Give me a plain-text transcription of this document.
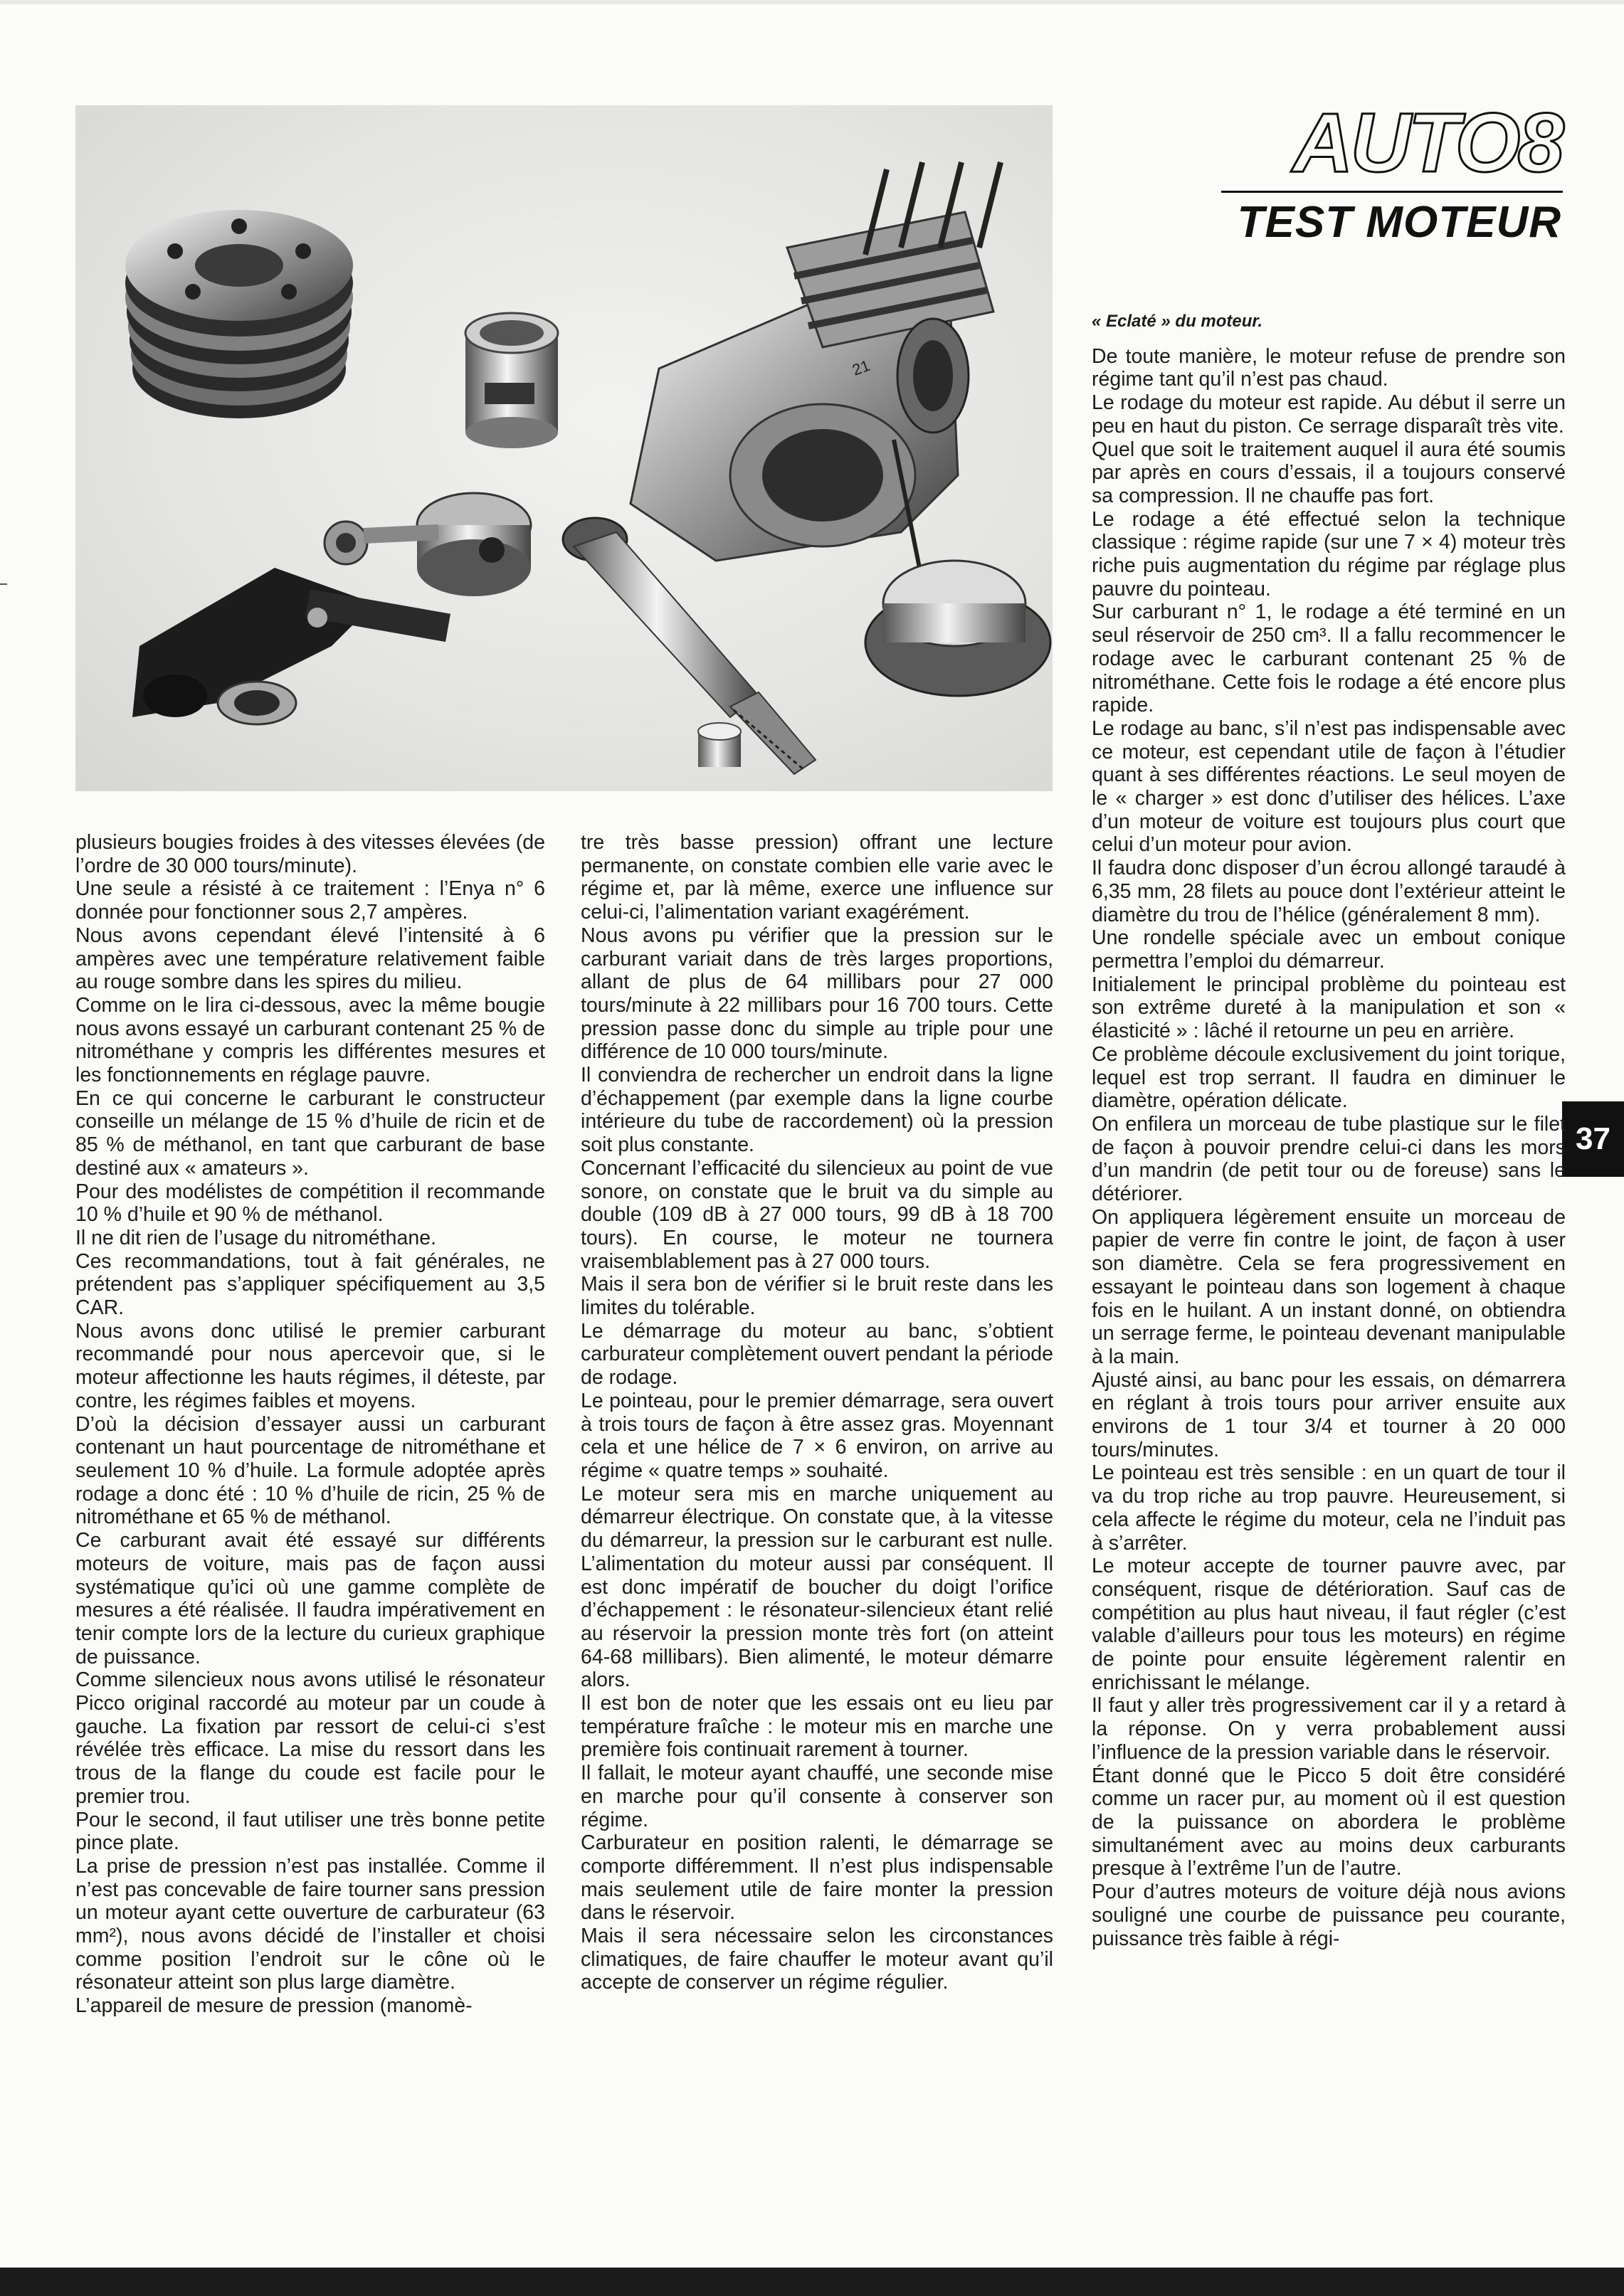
21
AUTO8
TEST MOTEUR
37

plusieurs bougies froides à des vitesses élevées (de l’ordre de 30 000 tours/minute).

Une seule a résisté à ce traitement : l’Enya n° 6 donnée pour fonctionner sous 2,7 ampères.

Nous avons cependant élevé l’intensité à 6 ampères avec une température relativement faible au rouge sombre dans les spires du milieu.

Comme on le lira ci-dessous, avec la même bougie nous avons essayé un carburant contenant 25 % de nitrométhane y compris les différentes mesures et les fonctionnements en réglage pauvre.

En ce qui concerne le carburant le constructeur conseille un mélange de 15 % d’huile de ricin et de 85 % de méthanol, en tant que carburant de base destiné aux « amateurs ».

Pour des modélistes de compétition il recommande 10 % d’huile et 90 % de méthanol.

Il ne dit rien de l’usage du nitrométhane.

Ces recommandations, tout à fait générales, ne prétendent pas s’appliquer spécifiquement au 3,5 CAR.

Nous avons donc utilisé le premier carburant recommandé pour nous apercevoir que, si le moteur affectionne les hauts régimes, il déteste, par contre, les régimes faibles et moyens.

D’où la décision d’essayer aussi un carburant contenant un haut pourcentage de nitrométhane et seulement 10 % d’huile. La formule adoptée après rodage a donc été : 10 % d’huile de ricin, 25 % de nitrométhane et 65 % de méthanol.

Ce carburant avait été essayé sur différents moteurs de voiture, mais pas de façon aussi systématique qu’ici où une gamme complète de mesures a été réalisée. Il faudra impérativement en tenir compte lors de la lecture du curieux graphique de puissance.

Comme silencieux nous avons utilisé le résonateur Picco original raccordé au moteur par un coude à gauche. La fixation par ressort de celui-ci s’est révélée très efficace. La mise du ressort dans les trous de la flange du coude est facile pour le premier trou.

Pour le second, il faut utiliser une très bonne petite pince plate.

La prise de pression n’est pas installée. Comme il n’est pas concevable de faire tourner sans pression un moteur ayant cette ouverture de carburateur (63 mm²), nous avons décidé de l’installer et choisi comme position l’endroit sur le cône où le résonateur atteint son plus large diamètre.

L’appareil de mesure de pression (manomè-

tre très basse pression) offrant une lecture permanente, on constate combien elle varie avec le régime et, par là même, exerce une influence sur celui-ci, l’alimentation variant exagérément.

Nous avons pu vérifier que la pression sur le carburant variait dans de très larges proportions, allant de plus de 64 millibars pour 27 000 tours/minute à 22 millibars pour 16 700 tours. Cette pression passe donc du simple au triple pour une différence de 10 000 tours/minute.

Il conviendra de rechercher un endroit dans la ligne d’échappement (par exemple dans la ligne courbe intérieure du tube de raccordement) où la pression soit plus constante.

Concernant l’efficacité du silencieux au point de vue sonore, on constate que le bruit va du simple au double (109 dB à 27 000 tours, 99 dB à 18 700 tours). En course, le moteur ne tournera vraisemblablement pas à 27 000 tours.

Mais il sera bon de vérifier si le bruit reste dans les limites du tolérable.

Le démarrage du moteur au banc, s’obtient carburateur complètement ouvert pendant la période de rodage.

Le pointeau, pour le premier démarrage, sera ouvert à trois tours de façon à être assez gras. Moyennant cela et une hélice de 7 × 6 environ, on arrive au régime « quatre temps » souhaité.

Le moteur sera mis en marche uniquement au démarreur électrique. On constate que, à la vitesse du démarreur, la pression sur le carburant est nulle. L’alimentation du moteur aussi par conséquent. Il est donc impératif de boucher du doigt l’orifice d’échappement : le résonateur-silencieux étant relié au réservoir la pression monte très fort (on atteint 64-68 millibars). Bien alimenté, le moteur démarre alors.

Il est bon de noter que les essais ont eu lieu par température fraîche : le moteur mis en marche une première fois continuait rarement à tourner.

Il fallait, le moteur ayant chauffé, une seconde mise en marche pour qu’il consente à conserver son régime.

Carburateur en position ralenti, le démarrage se comporte différemment. Il n’est plus indispensable mais seulement utile de faire monter la pression dans le réservoir.

Mais il sera nécessaire selon les circonstances climatiques, de faire chauffer le moteur avant qu’il accepte de conserver un régime régulier.

« Eclaté » du moteur.

De toute manière, le moteur refuse de prendre son régime tant qu’il n’est pas chaud.

Le rodage du moteur est rapide. Au début il serre un peu en haut du piston. Ce serrage disparaît très vite.

Quel que soit le traitement auquel il aura été soumis par après en cours d’essais, il a toujours conservé sa compression. Il ne chauffe pas fort.

Le rodage a été effectué selon la technique classique : régime rapide (sur une 7 × 4) moteur très riche puis augmentation du régime par réglage plus pauvre du pointeau.

Sur carburant n° 1, le rodage a été terminé en un seul réservoir de 250 cm³. Il a fallu recommencer le rodage avec le carburant contenant 25 % de nitrométhane. Cette fois le rodage a été encore plus rapide.

Le rodage au banc, s’il n’est pas indispensable avec ce moteur, est cependant utile de façon à l’étudier quant à ses différentes réactions. Le seul moyen de le « charger » est donc d’utiliser des hélices. L’axe d’un moteur de voiture est toujours plus court que celui d’un moteur pour avion.

Il faudra donc disposer d’un écrou allongé taraudé à 6,35 mm, 28 filets au pouce dont l’extérieur atteint le diamètre du trou de l’hélice (généralement 8 mm).

Une rondelle spéciale avec un embout conique permettra l’emploi du démarreur.

Initialement le principal problème du pointeau est son extrême dureté à la manipulation et son « élasticité » : lâché il retourne un peu en arrière.

Ce problème découle exclusivement du joint torique, lequel est trop serrant. Il faudra en diminuer le diamètre, opération délicate.

On enfilera un morceau de tube plastique sur le filet de façon à pouvoir prendre celui-ci dans les mors d’un mandrin (de petit tour ou de foreuse) sans le détériorer.

On appliquera légèrement ensuite un morceau de papier de verre fin contre le joint, de façon à user son diamètre. Cela se fera progressivement en essayant le pointeau dans son logement à chaque fois en le huilant. A un instant donné, on obtiendra un serrage ferme, le pointeau devenant manipulable à la main.

Ajusté ainsi, au banc pour les essais, on démarrera en réglant à trois tours pour arriver ensuite aux environs de 1 tour 3/4 et tourner à 20 000 tours/minutes.

Le pointeau est très sensible : en un quart de tour il va du trop riche au trop pauvre. Heureusement, si cela affecte le régime du moteur, cela ne l’induit pas à s’arrêter.

Le moteur accepte de tourner pauvre avec, par conséquent, risque de détérioration. Sauf cas de compétition au plus haut niveau, il faut régler (c’est valable d’ailleurs pour tous les moteurs) en régime de pointe pour ensuite légèrement ralentir en enrichissant le mélange.

Il faut y aller très progressivement car il y a retard à la réponse. On y verra probablement aussi l’influence de la pression variable dans le réservoir.

Étant donné que le Picco 5 doit être considéré comme un racer pur, au moment où il est question de la puissance on abordera le problème simultanément avec au moins deux carburants presque à l’extrême l’un de l’autre.

Pour d’autres moteurs de voiture déjà nous avions souligné une courbe de puissance peu courante, puissance très faible à régi-
